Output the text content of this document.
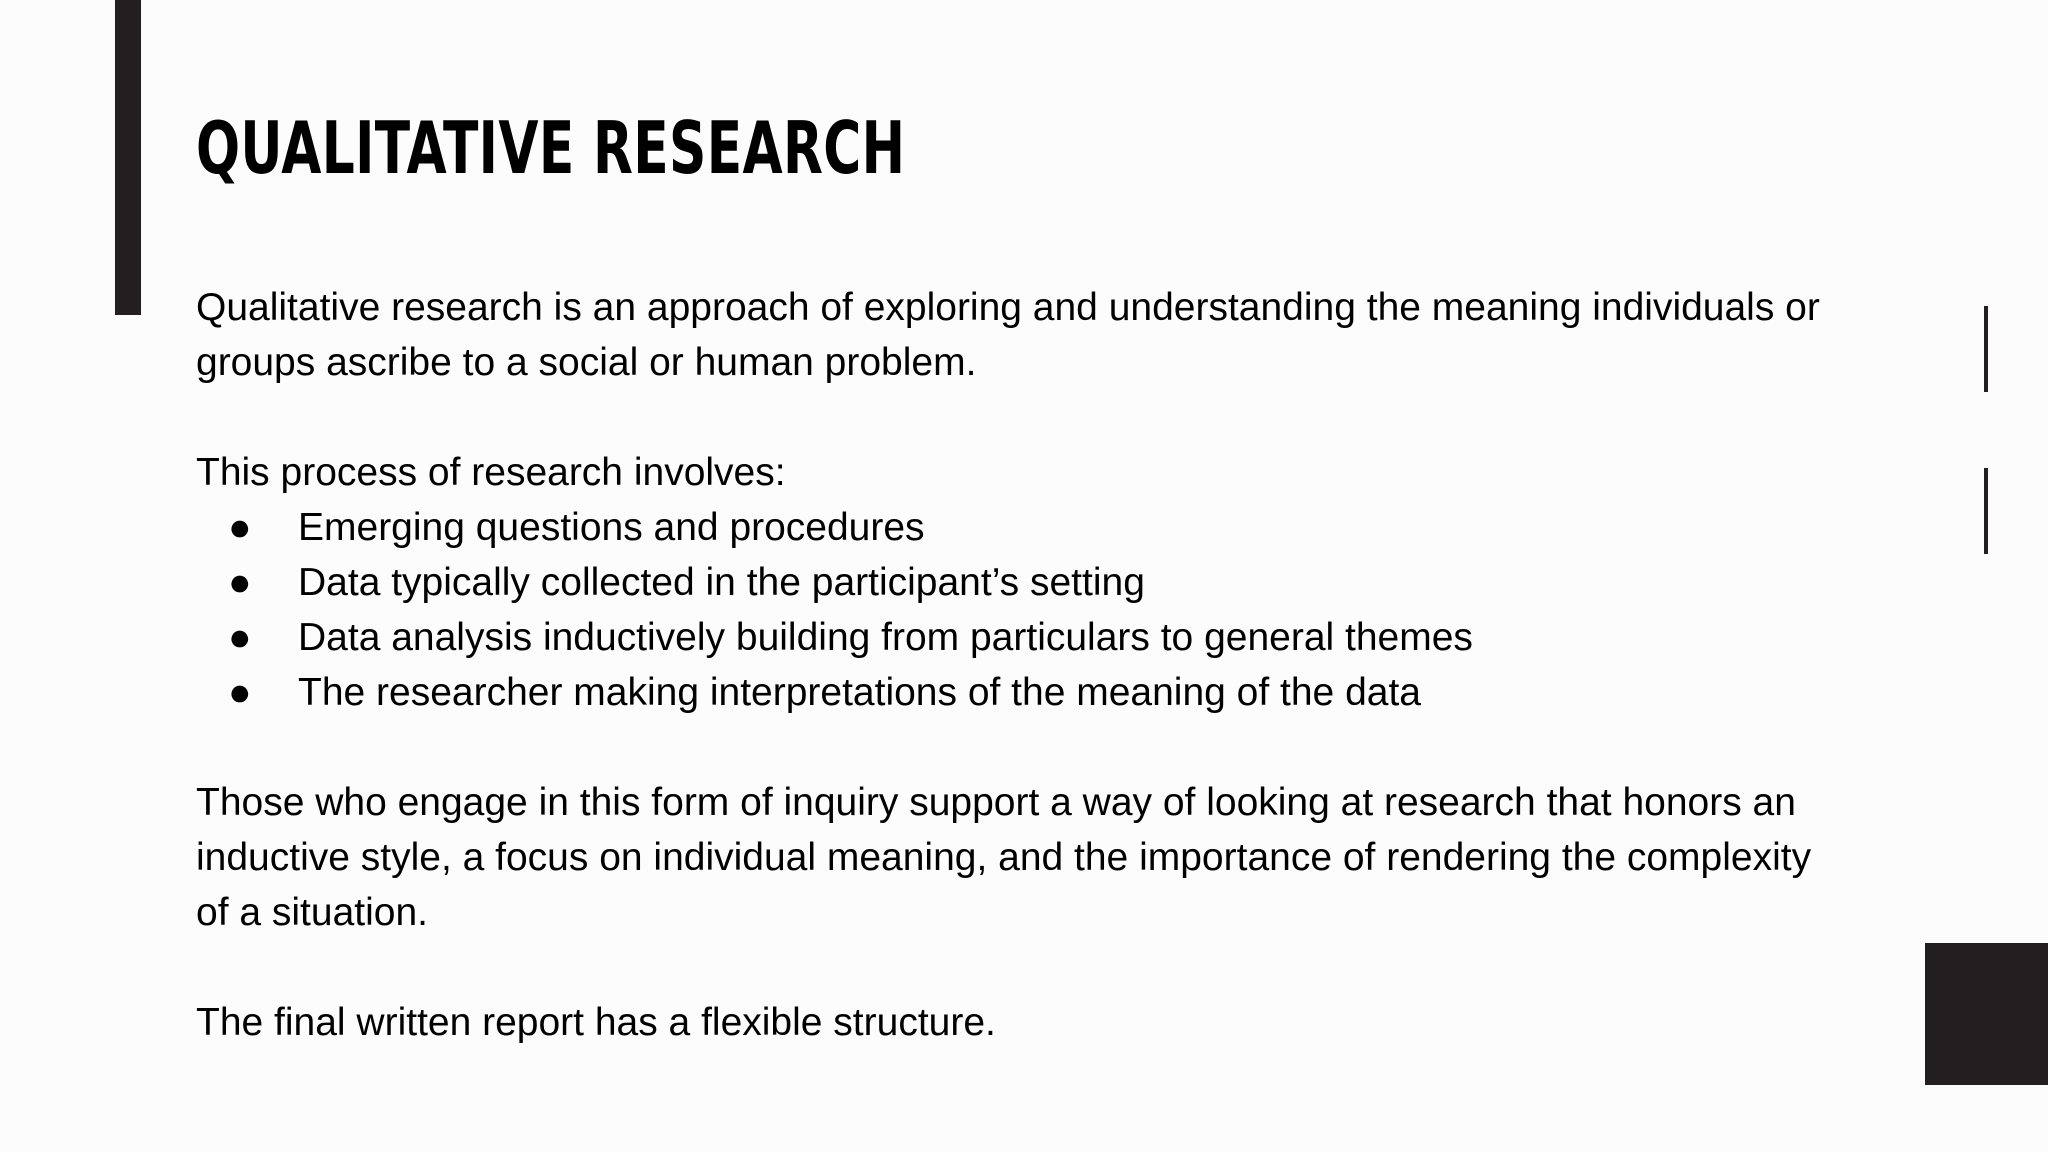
QUALITATIVE RESEARCH

Qualitative research is an approach of exploring and understanding the meaning individuals or groups ascribe to a social or human problem.

This process of research involves:

● Emerging questions and procedures
● Data typically collected in the participant’s setting
● Data analysis inductively building from particulars to general themes
● The researcher making interpretations of the meaning of the data

Those who engage in this form of inquiry support a way of looking at research that honors an inductive style, a focus on individual meaning, and the importance of rendering the complexity of a situation.

The final written report has a flexible structure.
